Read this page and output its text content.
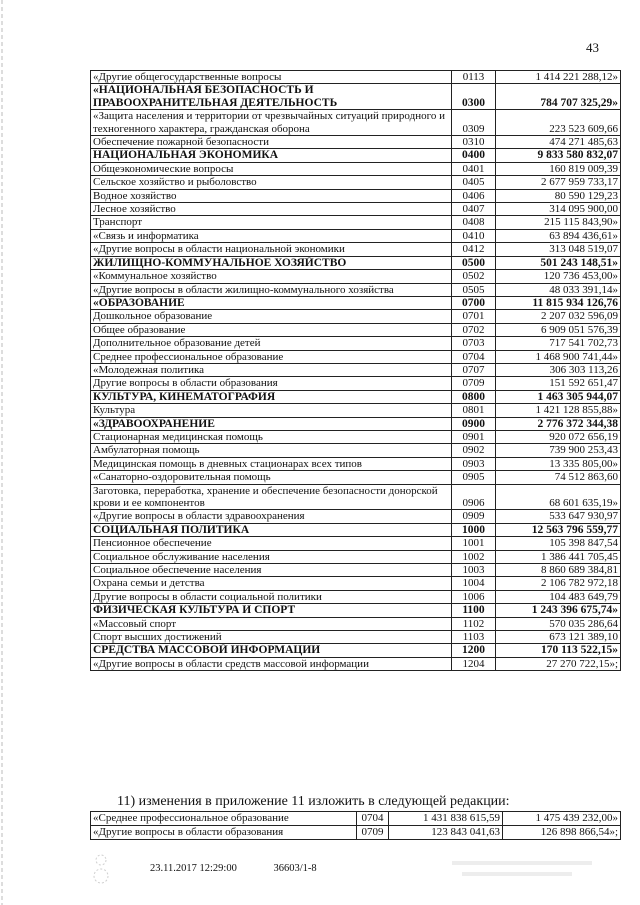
43
«Другие общегосударственные вопросы	0113	1 414 221 288,12»
«НАЦИОНАЛЬНАЯ БЕЗОПАСНОСТЬ И ПРАВООХРАНИТЕЛЬНАЯ ДЕЯТЕЛЬНОСТЬ	0300	784 707 325,29»
«Защита населения и территории от чрезвычайных ситуаций природного и техногенного характера, гражданская оборона	0309	223 523 609,66
Обеспечение пожарной безопасности	0310	474 271 485,63
НАЦИОНАЛЬНАЯ ЭКОНОМИКА	0400	9 833 580 832,07
Общеэкономические вопросы	0401	160 819 009,39
Сельское хозяйство и рыболовство	0405	2 677 959 733,17
Водное хозяйство	0406	80 590 129,23
Лесное хозяйство	0407	314 095 900,00
Транспорт	0408	215 115 843,90»
«Связь и информатика	0410	63 894 436,61»
«Другие вопросы в области национальной экономики	0412	313 048 519,07
ЖИЛИЩНО-КОММУНАЛЬНОЕ ХОЗЯЙСТВО	0500	501 243 148,51»
«Коммунальное хозяйство	0502	120 736 453,00»
«Другие вопросы в области жилищно-коммунального хозяйства	0505	48 033 391,14»
«ОБРАЗОВАНИЕ	0700	11 815 934 126,76
Дошкольное образование	0701	2 207 032 596,09
Общее образование	0702	6 909 051 576,39
Дополнительное образование детей	0703	717 541 702,73
Среднее профессиональное образование	0704	1 468 900 741,44»
«Молодежная политика	0707	306 303 113,26
Другие вопросы в области образования	0709	151 592 651,47
КУЛЬТУРА, КИНЕМАТОГРАФИЯ	0800	1 463 305 944,07
Культура	0801	1 421 128 855,88»
«ЗДРАВООХРАНЕНИЕ	0900	2 776 372 344,38
Стационарная медицинская помощь	0901	920 072 656,19
Амбулаторная помощь	0902	739 900 253,43
Медицинская помощь в дневных стационарах всех типов	0903	13 335 805,00»
«Санаторно-оздоровительная помощь	0905	74 512 863,60
Заготовка, переработка, хранение и обеспечение безопасности донорской крови и ее компонентов	0906	68 601 635,19»
«Другие вопросы в области здравоохранения	0909	533 647 930,97
СОЦИАЛЬНАЯ ПОЛИТИКА	1000	12 563 796 559,77
Пенсионное обеспечение	1001	105 398 847,54
Социальное обслуживание населения	1002	1 386 441 705,45
Социальное обеспечение населения	1003	8 860 689 384,81
Охрана семьи и детства	1004	2 106 782 972,18
Другие вопросы в области социальной политики	1006	104 483 649,79
ФИЗИЧЕСКАЯ КУЛЬТУРА И СПОРТ	1100	1 243 396 675,74»
«Массовый спорт	1102	570 035 286,64
Спорт высших достижений	1103	673 121 389,10
СРЕДСТВА МАССОВОЙ ИНФОРМАЦИИ	1200	170 113 522,15»
«Другие вопросы в области средств массовой информации	1204	27 270 722,15»;
11) изменения в приложение 11 изложить в следующей редакции:
«Среднее профессиональное образование	0704	1 431 838 615,59	1 475 439 232,00»
«Другие вопросы в области образования	0709	123 843 041,63	126 898 866,54»;
23.11.2017 12:29:00	36603/1-8
